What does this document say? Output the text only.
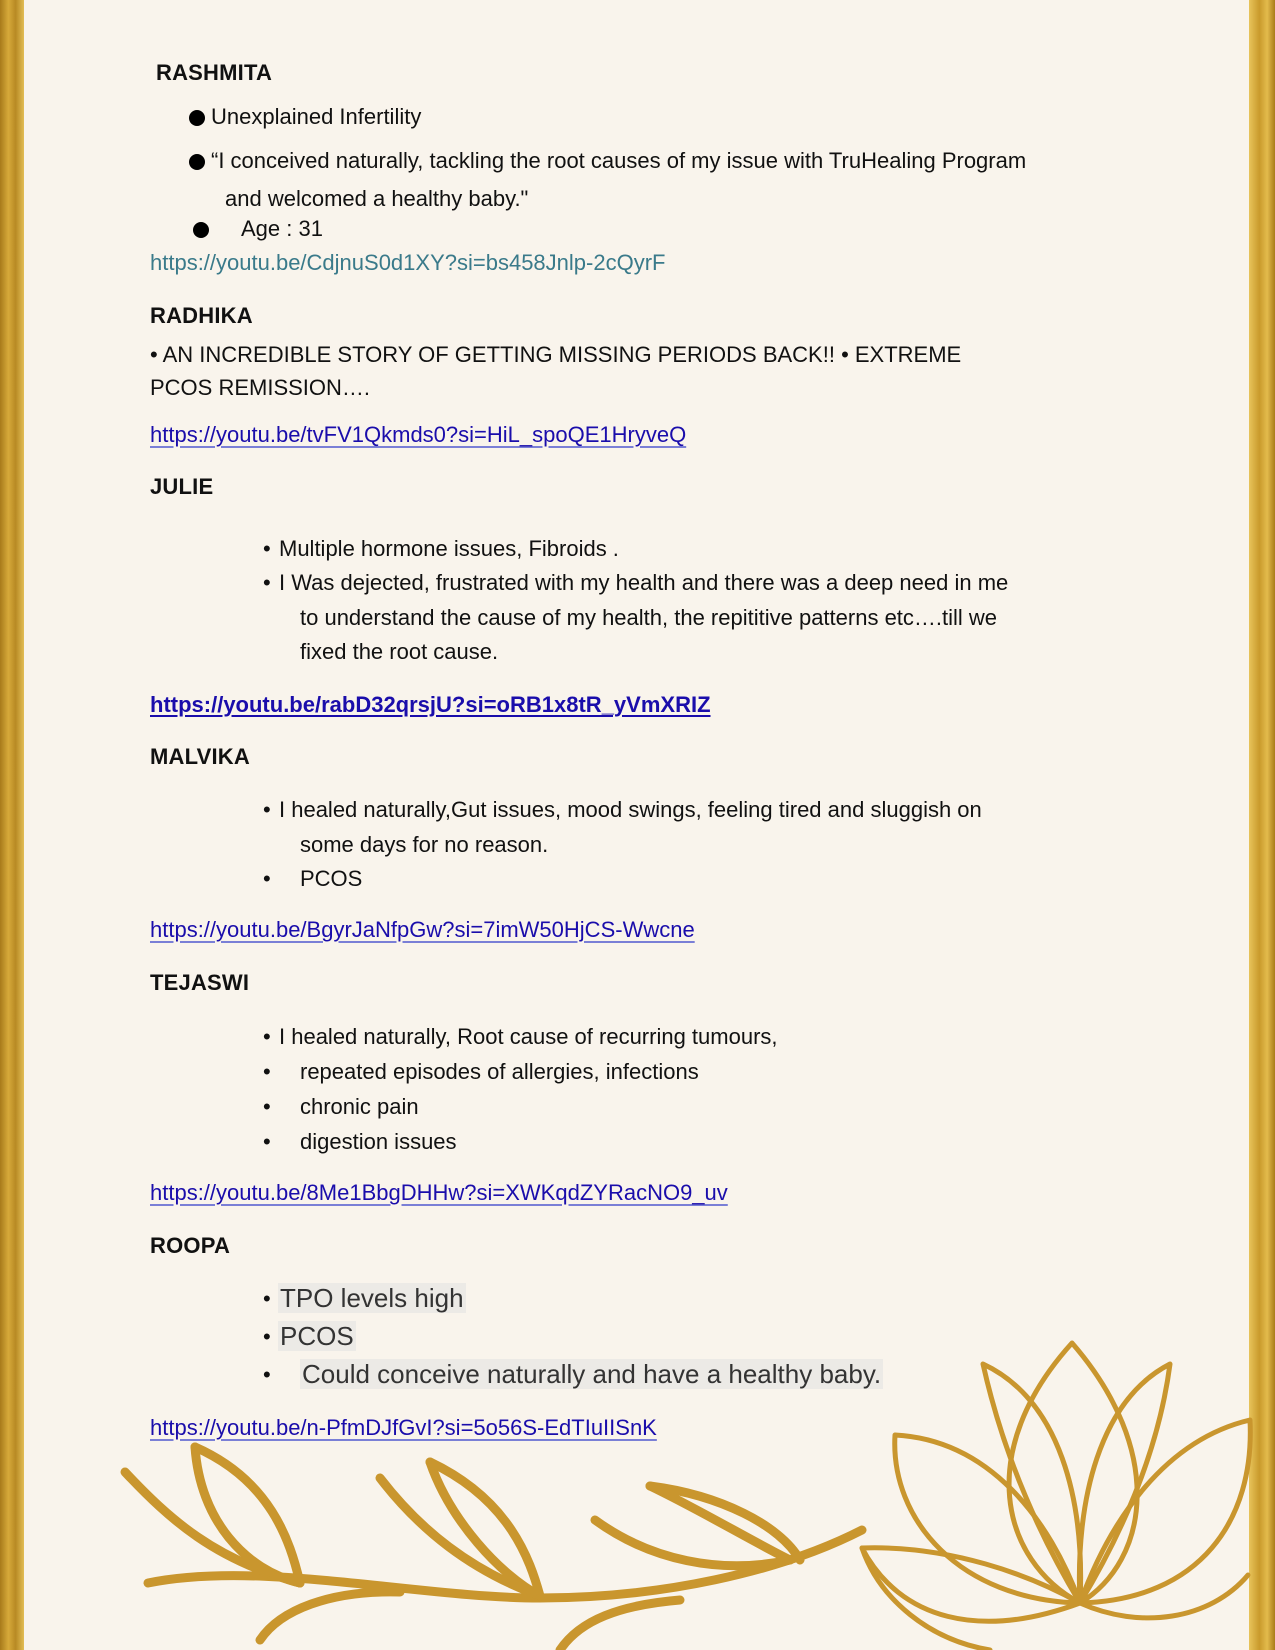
RASHMITA
Unexplained Infertility
“I conceived naturally, tackling the root causes of my issue with TruHealing Program
and welcomed a healthy baby."
Age : 31
https://youtu.be/CdjnuS0d1XY?si=bs458Jnlp-2cQyrF
RADHIKA
• AN INCREDIBLE STORY OF GETTING MISSING PERIODS BACK!! • EXTREME
PCOS REMISSION….
https://youtu.be/tvFV1Qkmds0?si=HiL_spoQE1HryveQ
JULIE
• Multiple hormone issues, Fibroids .
• I Was dejected, frustrated with my health and there was a deep need in me
to understand the cause of my health, the repititive patterns etc….till we
fixed the root cause.
https://youtu.be/rabD32qrsjU?si=oRB1x8tR_yVmXRIZ
MALVIKA
• I healed naturally,Gut issues, mood swings, feeling tired and sluggish on
some days for no reason.
• PCOS
https://youtu.be/BgyrJaNfpGw?si=7imW50HjCS-Wwcne
TEJASWI
• I healed naturally, Root cause of recurring tumours,
• repeated episodes of allergies, infections
• chronic pain
• digestion issues
https://youtu.be/8Me1BbgDHHw?si=XWKqdZYRacNO9_uv
ROOPA
• TPO levels high
• PCOS
• Could conceive naturally and have a healthy baby.
https://youtu.be/n-PfmDJfGvI?si=5o56S-EdTIuIISnK
